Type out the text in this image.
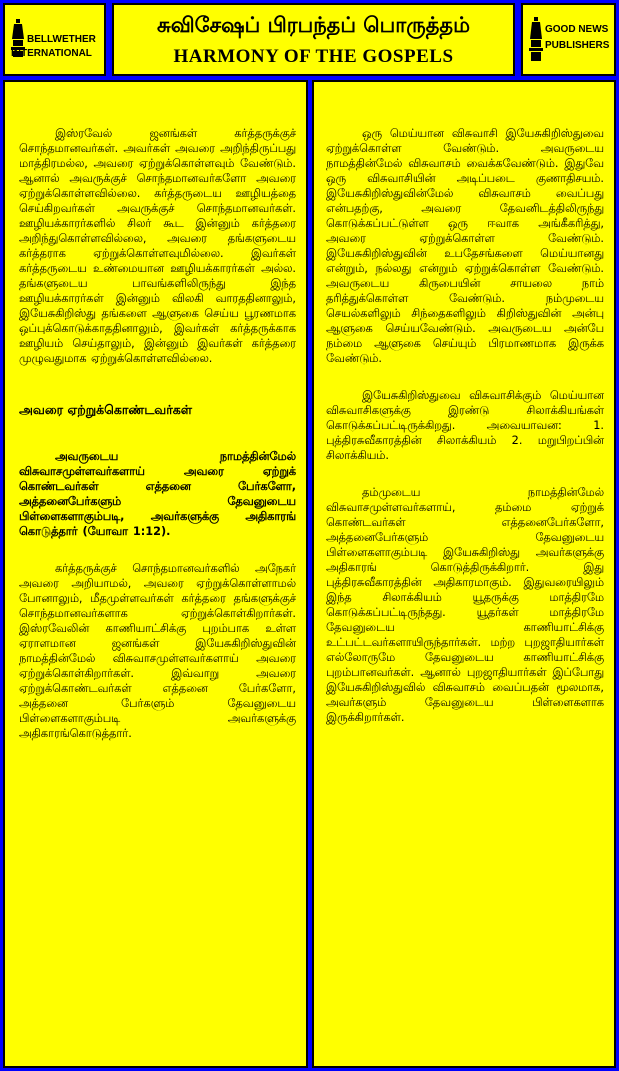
BELLWETHER
INTERNATIONAL
சுவிசேஷப் பிரபந்தப் பொருத்தம்
HARMONY OF THE GOSPELS
GOOD NEWS
PUBLISHERS

இஸ்ரவேல் ஜனங்கள் கர்த்தருக்குச் சொந்தமானவர்கள். அவர்கள் அவரை அறிந்திருப்பது மாத்திரமல்ல, அவரை ஏற்றுக்கொள்ளவும் வேண்டும். ஆனால் அவருக்குச் சொந்தமானவர்களோ அவரை ஏற்றுக்கொள்ளவில்லை. கர்த்தருடைய ஊழியத்தை செய்கிறவர்கள் அவருக்குச் சொந்தமானவர்கள். ஊழியக்காரர்களில் சிலர் கூட இன்னும் கர்த்தரை அறிந்துகொள்ளவில்லை, அவரை தங்களுடைய கர்த்தராக ஏற்றுக்கொள்ளவுமில்லை. இவர்கள் கர்த்தருடைய உண்மையான ஊழியக்காரர்கள் அல்ல. தங்களுடைய பாவங்களிலிருந்து இந்த ஊழியக்காரர்கள் இன்னும் விலகி வாரததினாலும், இயேசுகிறிஸ்து தங்களை ஆளுகை செய்ய பூரணமாக ஒப்புக்கொடுக்காததினாலும், இவர்கள் கர்த்தருக்காக ஊழியம் செய்தாலும், இன்னும் இவர்கள் கர்த்தரை முழுவதுமாக ஏற்றுக்கொள்ளவில்லை.

அவரை ஏற்றுக்கொண்டவர்கள்

அவருடைய நாமத்தின்மேல் விசுவாசமுள்ளவர்களாய் அவரை ஏற்றுக் கொண்டவர்கள் எத்தனை பேர்களோ, அத்தனைபேர்களும் தேவனுடைய பிள்ளைகளாகும்படி, அவர்களுக்கு அதிகாரங் கொடுத்தார் (யோவா 1:12).

கர்த்தருக்குச் சொந்தமானவர்களில் அநேகர் அவரை அறியாமல், அவரை ஏற்றுக்கொள்ளாமல் போனாலும், மீதமுள்ளவர்கள் கர்த்தரை தங்களுக்குச் சொந்தமானவர்களாக ஏற்றுக்கொள்கிறார்கள். இஸ்ரவேலின் காணியாட்சிக்கு புறம்பாக உள்ள ஏராளமான ஜனங்கள் இயேசுகிறிஸ்துவின் நாமத்தின்மேல் விசுவாசமுள்ளவர்களாய் அவரை ஏற்றுக்கொள்கிறார்கள். இவ்வாறு அவரை ஏற்றுக்கொண்டவர்கள் எத்தனை பேர்களோ, அத்தனை பேர்களும் தேவனுடைய பிள்ளைகளாகும்படி அவர்களுக்கு அதிகாரங்கொடுத்தார்.

ஒரு மெய்யான விசுவாசி இயேசுகிறிஸ்துவை ஏற்றுக்கொள்ள வேண்டும். அவருடைய நாமத்தின்மேல் விசுவாசம் வைக்கவேண்டும். இதுவே ஒரு விசுவாசியின் அடிப்படை குணாதிசயம். இயேசுகிறிஸ்துவின்மேல் விசுவாசம் வைப்பது என்பதற்கு, அவரை தேவனிடத்திலிருந்து கொடுக்கப்பட்டுள்ள ஒரு ஈவாக அங்கீகரித்து, அவரை ஏற்றுக்கொள்ள வேண்டும். இயேசுகிறிஸ்துவின் உபதேசங்களை மெய்யானது என்றும், நல்லது என்றும் ஏற்றுக்கொள்ள வேண்டும். அவருடைய கிருபையின் சாயலை நாம் தரித்துக்கொள்ள வேண்டும். நம்முடைய செயல்களிலும் சிந்தைகளிலும் கிறிஸ்துவின் அன்பு ஆளுகை செய்யவேண்டும். அவருடைய அன்பே நம்மை ஆளுகை செய்யும் பிரமாணமாக இருக்க வேண்டும்.

இயேசுகிறிஸ்துவை விசுவாசிக்கும் மெய்யான விசுவாசிகளுக்கு இரண்டு சிலாக்கியங்கள் கொடுக்கப்பட்டிருக்கிறது. அவையாவன: 1. புத்திரசுவீகாரத்தின் சிலாக்கியம் 2. மறுபிறப்பின் சிலாக்கியம்.

தம்முடைய நாமத்தின்மேல் விசுவாசமுள்ளவர்களாய், தம்மை ஏற்றுக் கொண்டவர்கள் எத்தனைபேர்களோ, அத்தனைபேர்களும் தேவனுடைய பிள்ளைகளாகும்படி இயேசுகிறிஸ்து அவர்களுக்கு அதிகாரங் கொடுத்திருக்கிறார். இது புத்திரசுவீகாரத்தின் அதிகாரமாகும். இதுவரையிலும் இந்த சிலாக்கியம் யூதருக்கு மாத்திரமே கொடுக்கப்பட்டிருந்தது. யூதர்கள் மாத்திரமே தேவனுடைய காணியாட்சிக்கு உட்பட்டவர்களாயிருந்தார்கள். மற்ற புறஜாதியார்கள் எல்லோருமே தேவனுடைய காணியாட்சிக்கு புறம்பானவர்கள். ஆனால் புறஜாதியார்கள் இப்போது இயேசுகிறிஸ்துவில் விசுவாசம் வைப்பதன் மூலமாக, அவர்களும் தேவனுடைய பிள்ளைகளாக இருக்கிறார்கள்.
